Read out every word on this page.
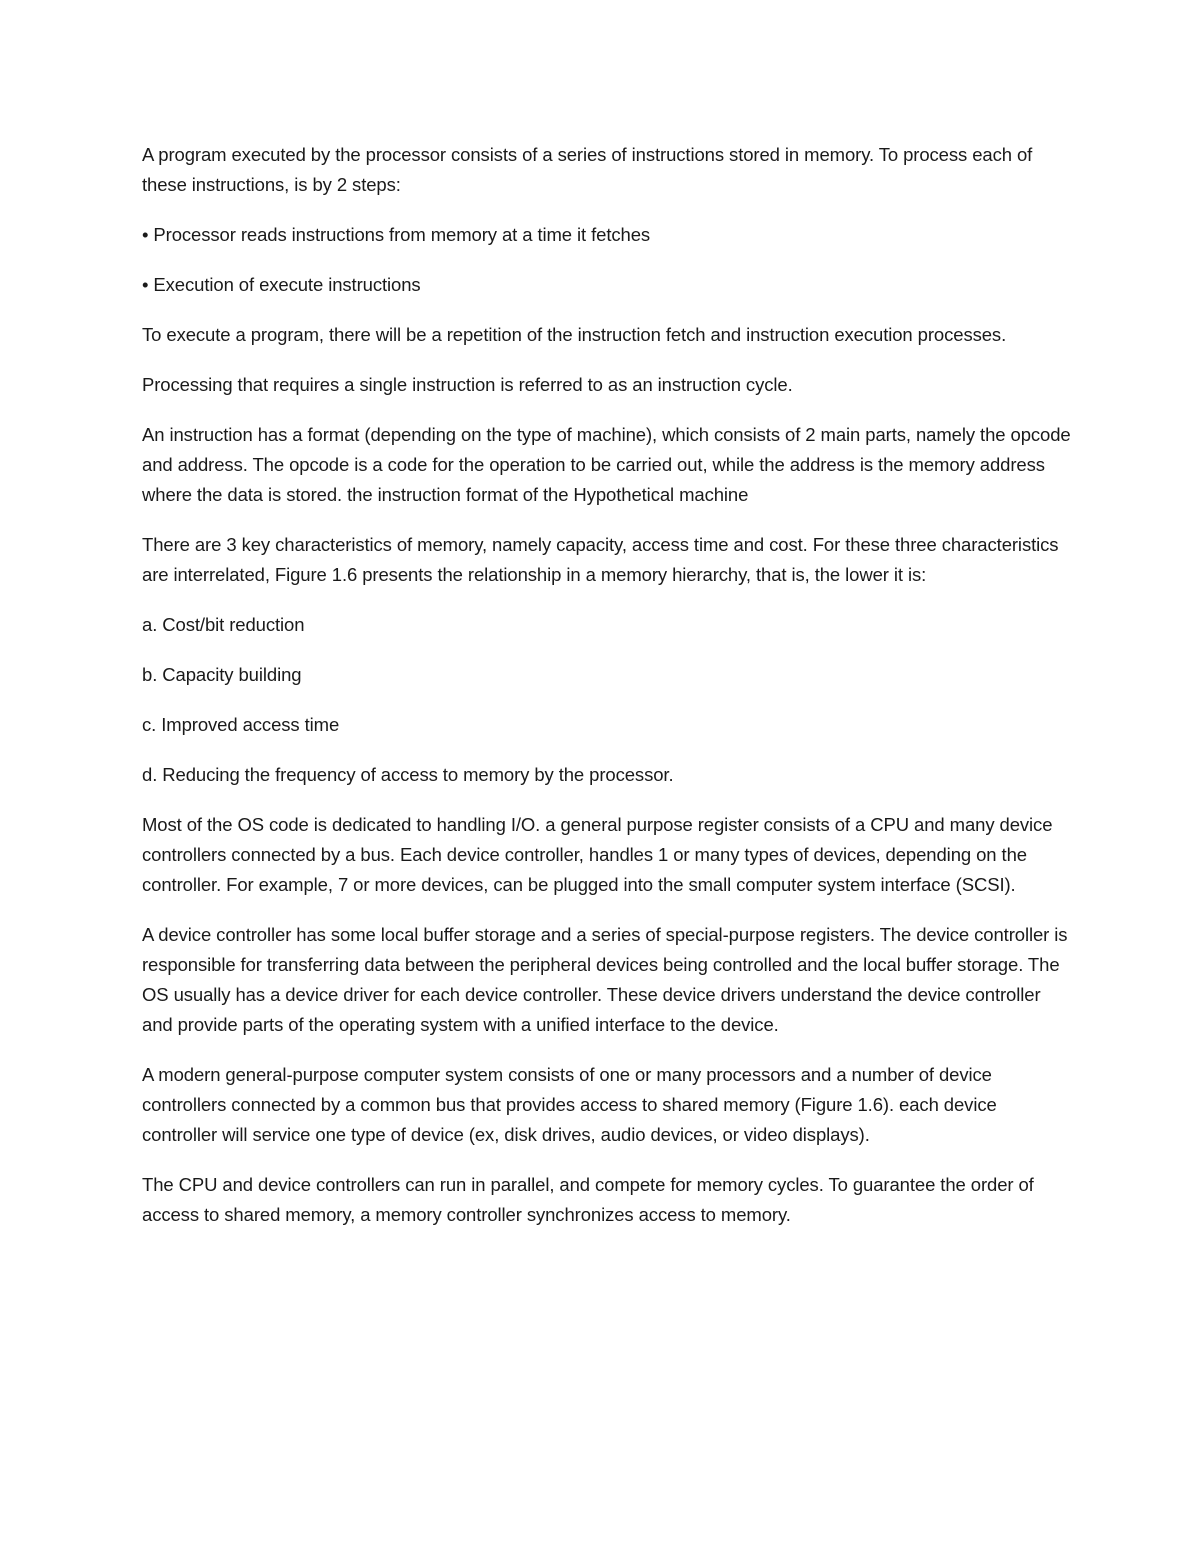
A program executed by the processor consists of a series of instructions stored in memory. To process each of these instructions, is by 2 steps:

• Processor reads instructions from memory at a time it fetches

• Execution of execute instructions

To execute a program, there will be a repetition of the instruction fetch and instruction execution processes.

Processing that requires a single instruction is referred to as an instruction cycle.

An instruction has a format (depending on the type of machine), which consists of 2 main parts, namely the opcode and address. The opcode is a code for the operation to be carried out, while the address is the memory address where the data is stored. the instruction format of the Hypothetical machine

There are 3 key characteristics of memory, namely capacity, access time and cost. For these three characteristics are interrelated, Figure 1.6 presents the relationship in a memory hierarchy, that is, the lower it is:

a. Cost/bit reduction

b. Capacity building

c. Improved access time

d. Reducing the frequency of access to memory by the processor.

Most of the OS code is dedicated to handling I/O. a general purpose register consists of a CPU and many device controllers connected by a bus. Each device controller, handles 1 or many types of devices, depending on the controller. For example, 7 or more devices, can be plugged into the small computer system interface (SCSI).

A device controller has some local buffer storage and a series of special-purpose registers. The device controller is responsible for transferring data between the peripheral devices being controlled and the local buffer storage. The OS usually has a device driver for each device controller. These device drivers understand the device controller and provide parts of the operating system with a unified interface to the device.

A modern general-purpose computer system consists of one or many processors and a number of device controllers connected by a common bus that provides access to shared memory (Figure 1.6). each device controller will service one type of device (ex, disk drives, audio devices, or video displays).

The CPU and device controllers can run in parallel, and compete for memory cycles. To guarantee the order of access to shared memory, a memory controller synchronizes access to memory.
